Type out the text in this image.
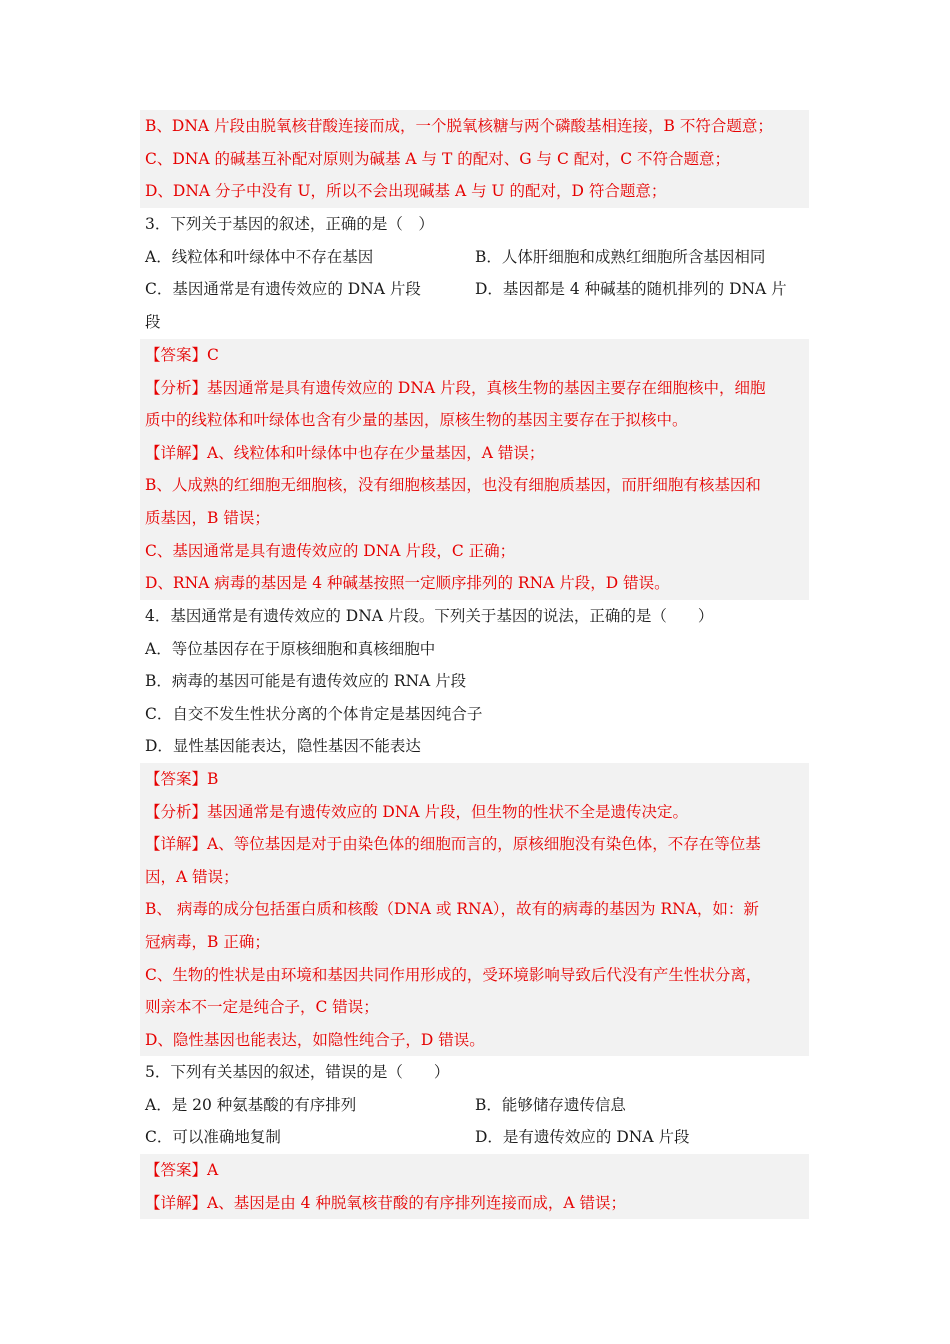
B、DNA 片段由脱氧核苷酸连接而成，一个脱氧核糖与两个磷酸基相连接，B 不符合题意；
C、DNA 的碱基互补配对原则为碱基 A 与 T 的配对、G 与 C 配对，C 不符合题意；
D、DNA 分子中没有 U，所以不会出现碱基 A 与 U 的配对，D 符合题意；
3．下列关于基因的叙述，正确的是（　）
A．线粒体和叶绿体中不存在基因	B．人体肝细胞和成熟红细胞所含基因相同
C．基因通常是有遗传效应的 DNA 片段	D．基因都是 4 种碱基的随机排列的 DNA 片
段
【答案】C
【分析】基因通常是具有遗传效应的 DNA 片段，真核生物的基因主要存在细胞核中，细胞
质中的线粒体和叶绿体也含有少量的基因，原核生物的基因主要存在于拟核中。
【详解】A、线粒体和叶绿体中也存在少量基因，A 错误；
B、人成熟的红细胞无细胞核，没有细胞核基因，也没有细胞质基因，而肝细胞有核基因和
质基因，B 错误；
C、基因通常是具有遗传效应的 DNA 片段，C 正确；
D、RNA 病毒的基因是 4 种碱基按照一定顺序排列的 RNA 片段，D 错误。
4．基因通常是有遗传效应的 DNA 片段。下列关于基因的说法，正确的是（　　）
A．等位基因存在于原核细胞和真核细胞中
B．病毒的基因可能是有遗传效应的 RNA 片段
C．自交不发生性状分离的个体肯定是基因纯合子
D．显性基因能表达，隐性基因不能表达
【答案】B
【分析】基因通常是有遗传效应的 DNA 片段，但生物的性状不全是遗传决定。
【详解】A、等位基因是对于由染色体的细胞而言的，原核细胞没有染色体，不存在等位基
因，A 错误；
B、 病毒的成分包括蛋白质和核酸（DNA 或 RNA），故有的病毒的基因为 RNA，如：新
冠病毒，B 正确；
C、生物的性状是由环境和基因共同作用形成的，受环境影响导致后代没有产生性状分离，
则亲本不一定是纯合子，C 错误；
D、隐性基因也能表达，如隐性纯合子，D 错误。
5．下列有关基因的叙述，错误的是（　　）
A．是 20 种氨基酸的有序排列	B．能够储存遗传信息
C．可以准确地复制	D．是有遗传效应的 DNA 片段
【答案】A
【详解】A、基因是由 4 种脱氧核苷酸的有序排列连接而成，A 错误；
